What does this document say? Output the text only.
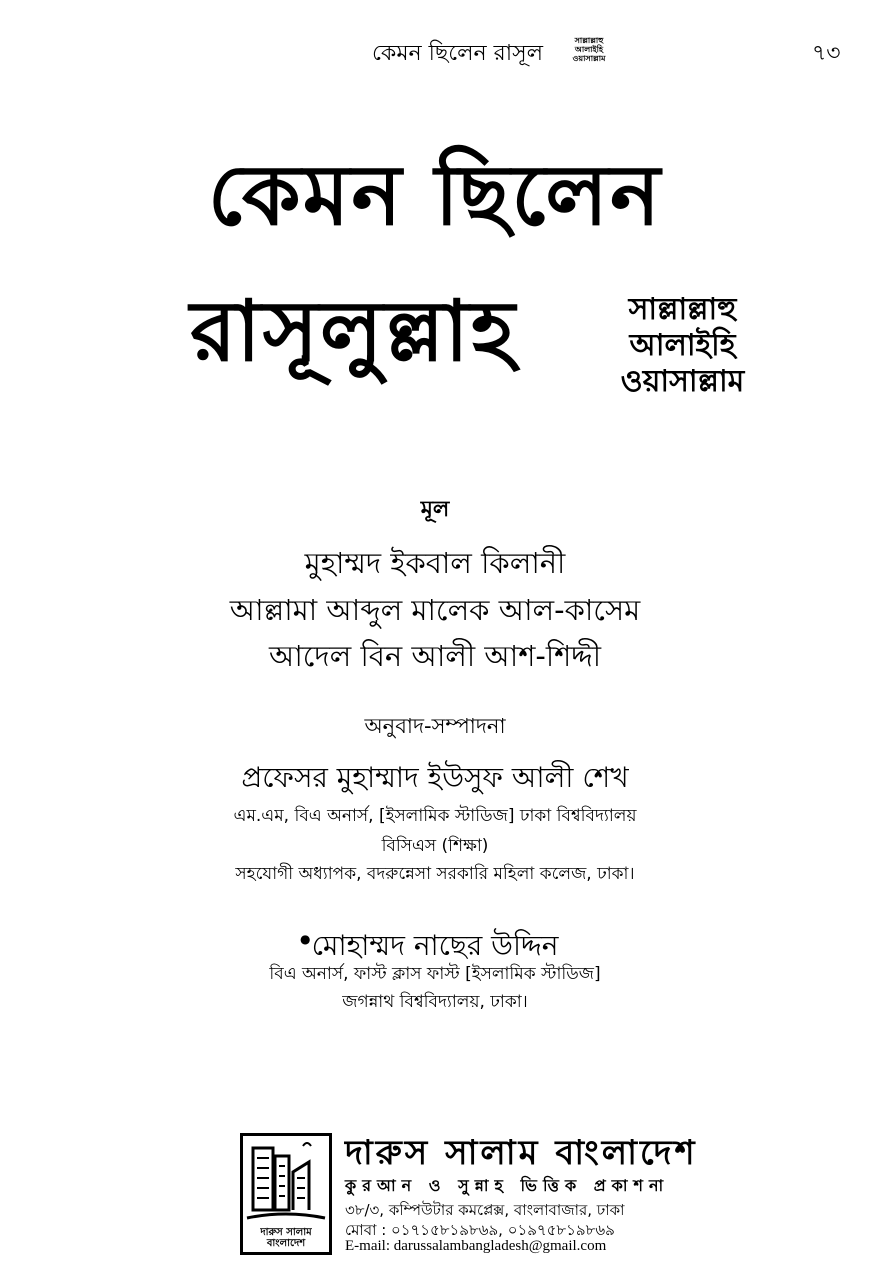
কেমন ছিলেন রাসূল
সাল্লাল্লাহু আলাইহি ওয়াসাল্লাম	৭৩
কেমন ছিলেন
রাসূলুল্লাহ	সাল্লাল্লাহু
আলাইহি
ওয়াসাল্লাম
মূল
মুহাম্মদ ইকবাল কিলানী
আল্লামা আব্দুল মালেক আল-কাসেম
আদেল বিন আলী আশ-শিদ্দী
অনুবাদ-সম্পাদনা
প্রফেসর মুহাম্মাদ ইউসুফ আলী শেখ
এম.এম, বিএ অনার্স, [ইসলামিক স্টাডিজ] ঢাকা বিশ্ববিদ্যালয়
বিসিএস (শিক্ষা)
সহযোগী অধ্যাপক, বদরুন্নেসা সরকারি মহিলা কলেজ, ঢাকা।
● মোহাম্মদ নাছের উদ্দিন
বিএ অনার্স, ফাস্ট ক্লাস ফাস্ট [ইসলামিক স্টাডিজ]
জগন্নাথ বিশ্ববিদ্যালয়, ঢাকা।
দারুস সালাম বাংলাদেশ
দারুস সালাম বাংলাদেশ
কুরআন ও সুন্নাহ ভিত্তিক প্রকাশনা
৩৮/৩, কম্পিউটার কমপ্লেক্স, বাংলাবাজার, ঢাকা
মোবা : ০১৭১৫৮১৯৮৬৯, ০১৯৭৫৮১৯৮৬৯
E-mail: darussalambangladesh@gmail.com
